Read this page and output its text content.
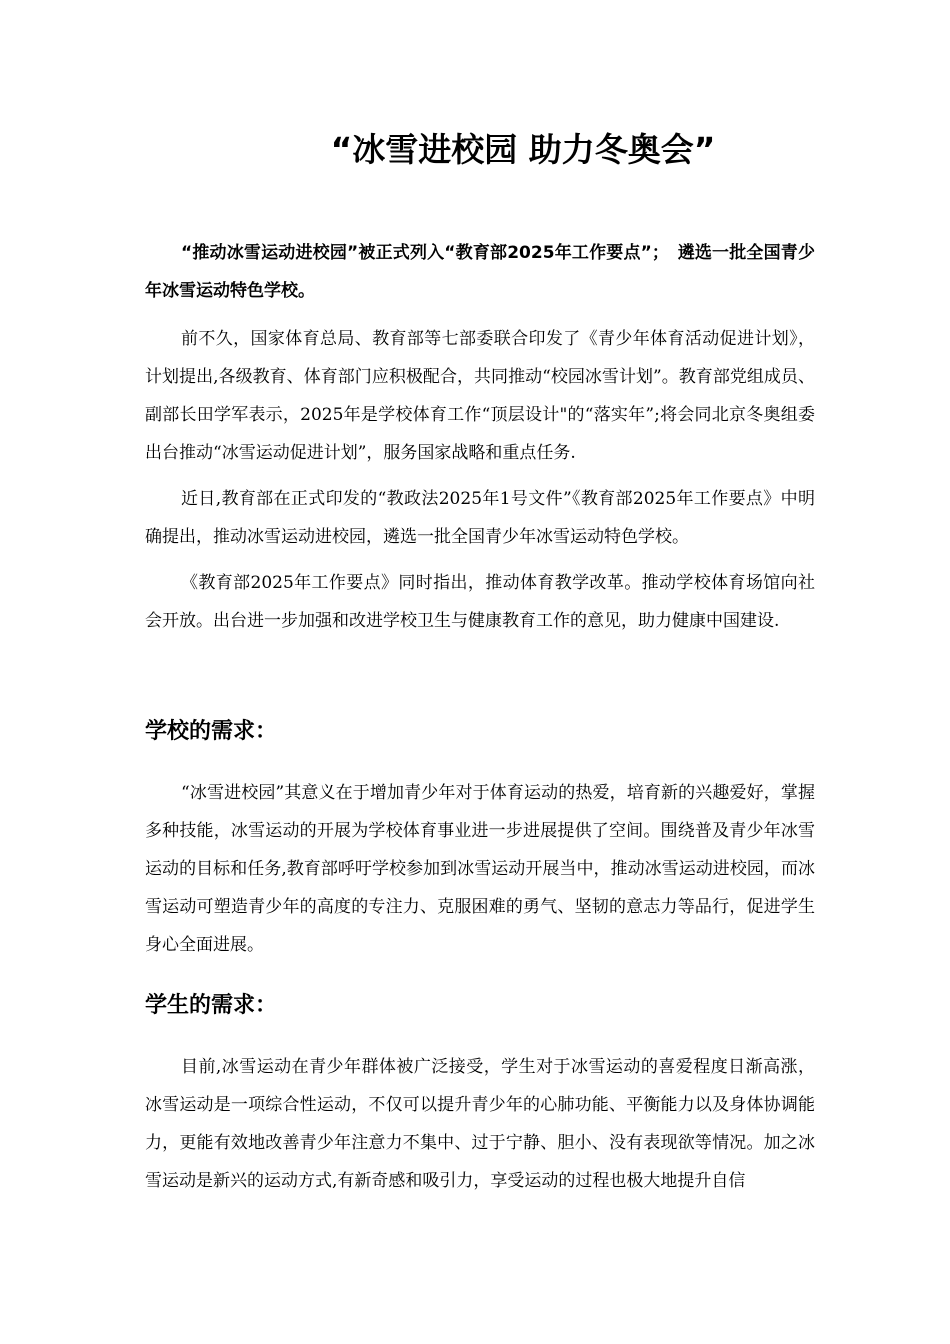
“冰雪进校园 助力冬奥会”

“推动冰雪运动进校园”被正式列入“教育部2025年工作要点”；　遴选一批全国青少年冰雪运动特色学校。

前不久，国家体育总局、教育部等七部委联合印发了《青少年体育活动促进计划》，计划提出,各级教育、体育部门应积极配合，共同推动“校园冰雪计划”。教育部党组成员、副部长田学军表示，2025年是学校体育工作“顶层设计"的“落实年”;将会同北京冬奥组委出台推动“冰雪运动促进计划”，服务国家战略和重点任务.

近日,教育部在正式印发的“教政法2025年1号文件”《教育部2025年工作要点》中明确提出，推动冰雪运动进校园，遴选一批全国青少年冰雪运动特色学校。

《教育部2025年工作要点》同时指出，推动体育教学改革。推动学校体育场馆向社会开放。出台进一步加强和改进学校卫生与健康教育工作的意见，助力健康中国建设.

学校的需求：

“冰雪进校园”其意义在于增加青少年对于体育运动的热爱，培育新的兴趣爱好，掌握多种技能，冰雪运动的开展为学校体育事业进一步进展提供了空间。围绕普及青少年冰雪运动的目标和任务,教育部呼吁学校参加到冰雪运动开展当中，推动冰雪运动进校园，而冰雪运动可塑造青少年的高度的专注力、克服困难的勇气、坚韧的意志力等品行，促进学生身心全面进展。

学生的需求：

目前,冰雪运动在青少年群体被广泛接受，学生对于冰雪运动的喜爱程度日渐高涨，冰雪运动是一项综合性运动，不仅可以提升青少年的心肺功能、平衡能力以及身体协调能力，更能有效地改善青少年注意力不集中、过于宁静、胆小、没有表现欲等情况。加之冰雪运动是新兴的运动方式,有新奇感和吸引力，享受运动的过程也极大地提升自信
